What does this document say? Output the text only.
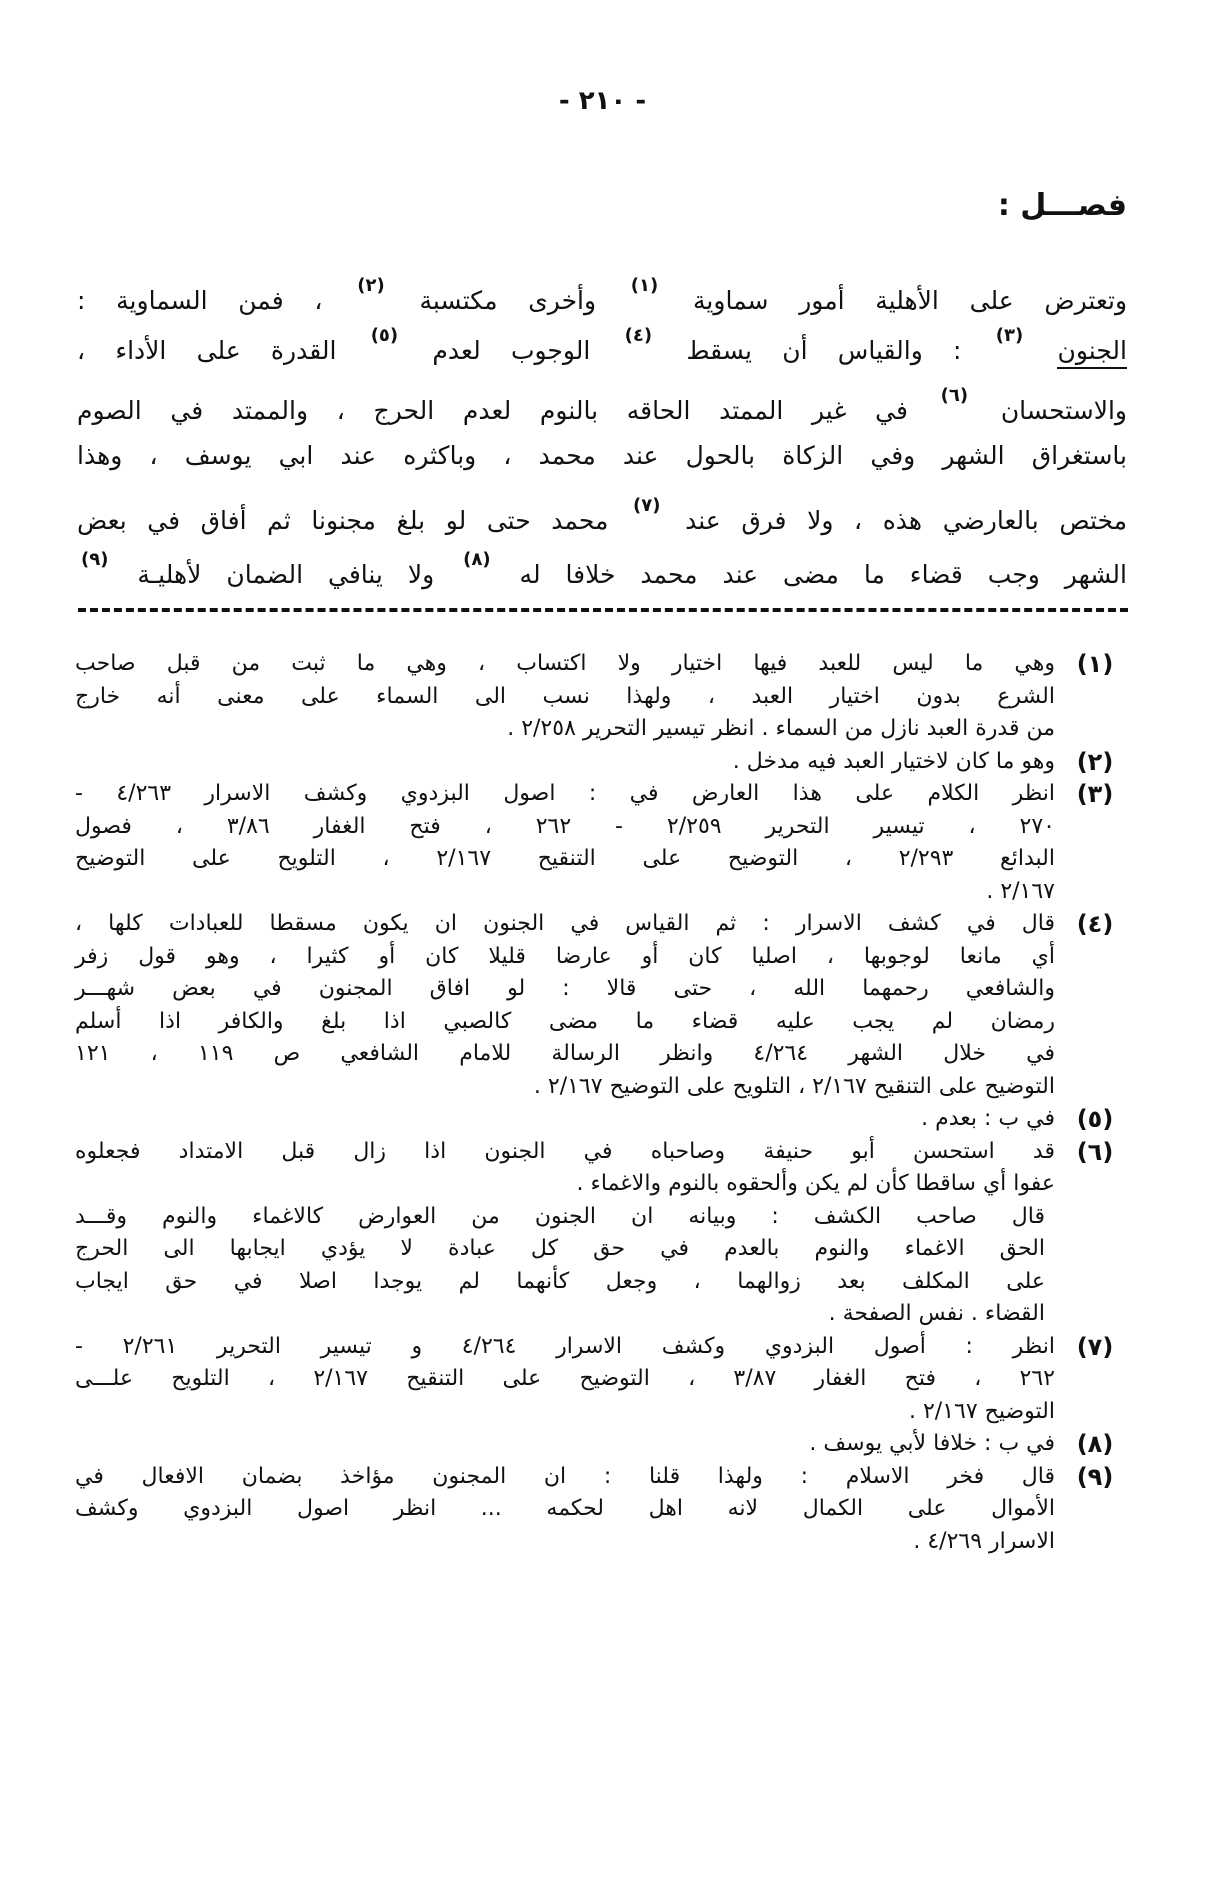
- ٢١٠ -
فصـــل :
وتعترض على الأهلية أمور سماوية $^{(١)}$ وأخرى مكتسبة $^{(٢)}$ ، فمن السماوية :
الجنون $^{(٣)}$ : والقياس أن يسقط $^{(٤)}$ الوجوب لعدم $^{(٥)}$ القدرة على الأداء ،
والاستحسان $^{(٦)}$ في غير الممتد الحاقه بالنوم لعدم الحرج ، والممتد في الصوم
باستغراق الشهر وفي الزكاة بالحول عند محمد ، وباكثره عند ابي يوسف ، وهذا
مختص بالعارضي هذه ، ولا فرق عند $^{(٧)}$ محمد حتى لو بلغ مجنونا ثم أفاق في بعض
الشهر وجب قضاء ما مضى عند محمد خلافا له $^{(٨)}$ ولا ينافي الضمان لأهليـة $^{(٩)}$
(١)
وهي ما ليس للعبد فيها اختيار ولا اكتساب ، وهي ما ثبت من قبل صاحب
الشرع بدون اختيار العبد ، ولهذا نسب الى السماء على معنى أنه خارج
من قدرة العبد نازل من السماء . انظر تيسير التحرير ٢/٢٥٨ .
(٢)
وهو ما كان لاختيار العبد فيه مدخل .
(٣)
انظر الكلام على هذا العارض في : اصول البزدوي وكشف الاسرار ٤/٢٦٣ -
٢٧٠ ، تيسير التحرير ٢/٢٥٩ - ٢٦٢ ، فتح الغفار ٣/٨٦ ، فصول
البدائع ٢/٢٩٣ ، التوضيح على التنقيح ٢/١٦٧ ، التلويح على التوضيح
٢/١٦٧ .
(٤)
قال في كشف الاسرار : ثم القياس في الجنون ان يكون مسقطا للعبادات كلها ،
أي مانعا لوجوبها ، اصليا كان أو عارضا قليلا كان أو كثيرا ، وهو قول زفر
والشافعي رحمهما الله ، حتى قالا : لو افاق المجنون في بعض شهـــر
رمضان لم يجب عليه قضاء ما مضى كالصبي اذا بلغ والكافر اذا أسلم
في خلال الشهر ٤/٢٦٤ وانظر الرسالة للامام الشافعي ص ١١٩ ، ١٢١
التوضيح على التنقيح ٢/١٦٧ ، التلويح على التوضيح ٢/١٦٧ .
(٥)
في ب : بعدم .
(٦)
قد استحسن أبو حنيفة وصاحباه في الجنون اذا زال قبل الامتداد فجعلوه
عفوا أي ساقطا كأن لم يكن وألحقوه بالنوم والاغماء .
قال صاحب الكشف : وبيانه ان الجنون من العوارض كالاغماء والنوم وقـــد
الحق الاغماء والنوم بالعدم في حق كل عبادة لا يؤدي ايجابها الى الحرج
على المكلف بعد زوالهما ، وجعل كأنهما لم يوجدا اصلا في حق ايجاب
القضاء . نفس الصفحة .
(٧)
انظر : أصول البزدوي وكشف الاسرار ٤/٢٦٤ و تيسير التحرير ٢/٢٦١ -
٢٦٢ ، فتح الغفار ٣/٨٧ ، التوضيح على التنقيح ٢/١٦٧ ، التلويح علـــى
التوضيح ٢/١٦٧ .
(٨)
في ب : خلافا لأبي يوسف .
(٩)
قال فخر الاسلام : ولهذا قلنا : ان المجنون مؤاخذ بضمان الافعال في
الأموال على الكمال لانه اهل لحكمه ... انظر اصول البزدوي وكشف
الاسرار ٤/٢٦٩ .
